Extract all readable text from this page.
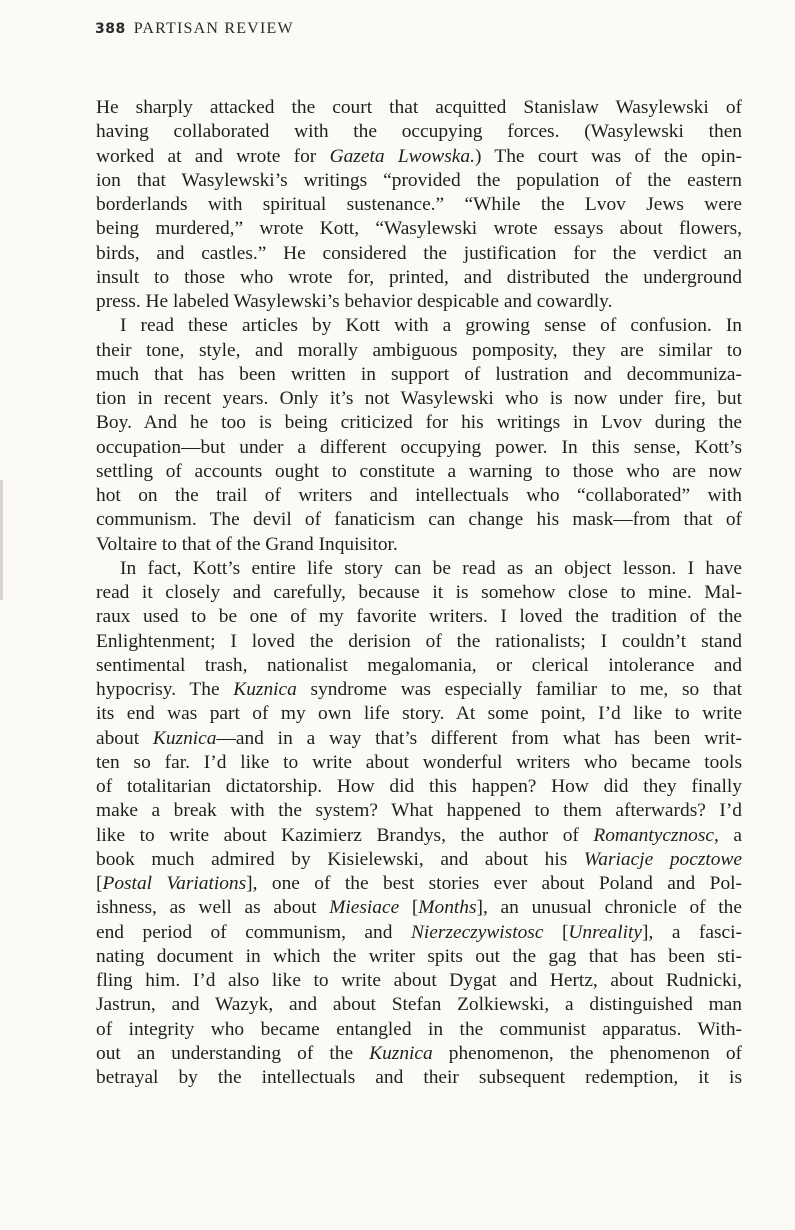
388 PARTISAN REVIEW
He sharply attacked the court that acquitted Stanislaw Wasylewski of
having collaborated with the occupying forces. (Wasylewski then
worked at and wrote for Gazeta Lwowska.) The court was of the opin-
ion that Wasylewski’s writings “provided the population of the eastern
borderlands with spiritual sustenance.” “While the Lvov Jews were
being murdered,” wrote Kott, “Wasylewski wrote essays about flowers,
birds, and castles.” He considered the justification for the verdict an
insult to those who wrote for, printed, and distributed the underground
press. He labeled Wasylewski’s behavior despicable and cowardly.
I read these articles by Kott with a growing sense of confusion. In
their tone, style, and morally ambiguous pomposity, they are similar to
much that has been written in support of lustration and decommuniza-
tion in recent years. Only it’s not Wasylewski who is now under fire, but
Boy. And he too is being criticized for his writings in Lvov during the
occupation—but under a different occupying power. In this sense, Kott’s
settling of accounts ought to constitute a warning to those who are now
hot on the trail of writers and intellectuals who “collaborated” with
communism. The devil of fanaticism can change his mask—from that of
Voltaire to that of the Grand Inquisitor.
In fact, Kott’s entire life story can be read as an object lesson. I have
read it closely and carefully, because it is somehow close to mine. Mal-
raux used to be one of my favorite writers. I loved the tradition of the
Enlightenment; I loved the derision of the rationalists; I couldn’t stand
sentimental trash, nationalist megalomania, or clerical intolerance and
hypocrisy. The Kuznica syndrome was especially familiar to me, so that
its end was part of my own life story. At some point, I’d like to write
about Kuznica—and in a way that’s different from what has been writ-
ten so far. I’d like to write about wonderful writers who became tools
of totalitarian dictatorship. How did this happen? How did they finally
make a break with the system? What happened to them afterwards? I’d
like to write about Kazimierz Brandys, the author of Romantycznosc, a
book much admired by Kisielewski, and about his Wariacje pocztowe
[Postal Variations], one of the best stories ever about Poland and Pol-
ishness, as well as about Miesiace [Months], an unusual chronicle of the
end period of communism, and Nierzeczywistosc [Unreality], a fasci-
nating document in which the writer spits out the gag that has been sti-
fling him. I’d also like to write about Dygat and Hertz, about Rudnicki,
Jastrun, and Wazyk, and about Stefan Zolkiewski, a distinguished man
of integrity who became entangled in the communist apparatus. With-
out an understanding of the Kuznica phenomenon, the phenomenon of
betrayal by the intellectuals and their subsequent redemption, it is
